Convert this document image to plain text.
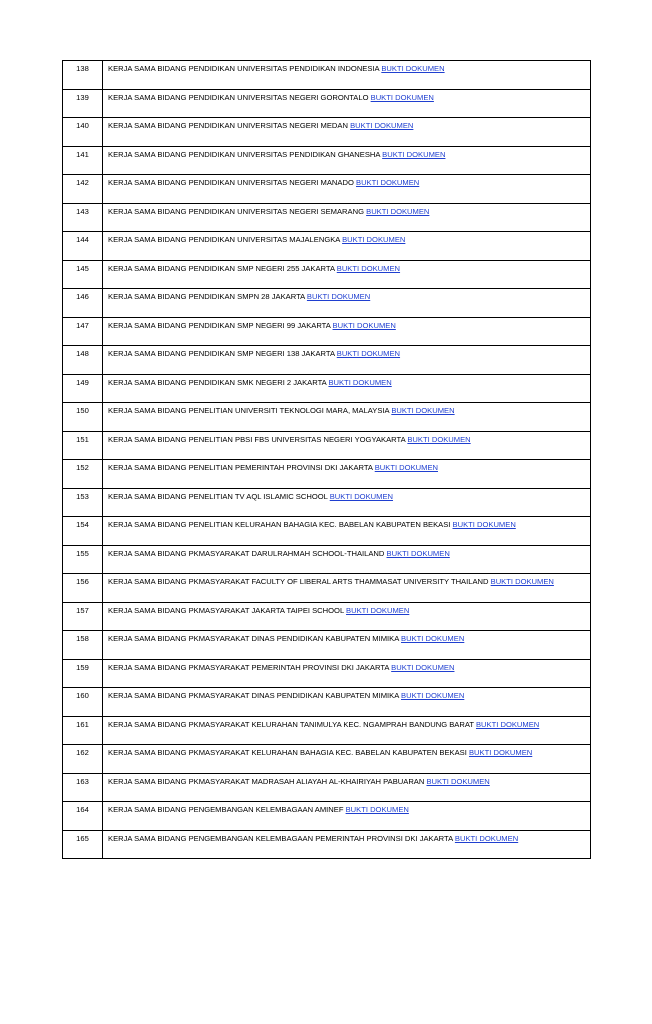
138	KERJA SAMA BIDANG PENDIDIKAN UNIVERSITAS PENDIDIKAN INDONESIA BUKTI DOKUMEN
139	KERJA SAMA BIDANG PENDIDIKAN UNIVERSITAS NEGERI GORONTALO BUKTI DOKUMEN
140	KERJA SAMA BIDANG PENDIDIKAN UNIVERSITAS NEGERI MEDAN BUKTI DOKUMEN
141	KERJA SAMA BIDANG PENDIDIKAN UNIVERSITAS PENDIDIKAN GHANESHA BUKTI DOKUMEN
142	KERJA SAMA BIDANG PENDIDIKAN UNIVERSITAS NEGERI MANADO BUKTI DOKUMEN
143	KERJA SAMA BIDANG PENDIDIKAN UNIVERSITAS NEGERI SEMARANG BUKTI DOKUMEN
144	KERJA SAMA BIDANG PENDIDIKAN UNIVERSITAS MAJALENGKA BUKTI DOKUMEN
145	KERJA SAMA BIDANG PENDIDIKAN SMP NEGERI 255 JAKARTA BUKTI DOKUMEN
146	KERJA SAMA BIDANG PENDIDIKAN SMPN 28 JAKARTA BUKTI DOKUMEN
147	KERJA SAMA BIDANG PENDIDIKAN SMP NEGERI 99 JAKARTA BUKTI DOKUMEN
148	KERJA SAMA BIDANG PENDIDIKAN SMP NEGERI 138 JAKARTA BUKTI DOKUMEN
149	KERJA SAMA BIDANG PENDIDIKAN SMK NEGERI 2 JAKARTA BUKTI DOKUMEN
150	KERJA SAMA BIDANG PENELITIAN UNIVERSITI TEKNOLOGI MARA, MALAYSIA BUKTI DOKUMEN
151	KERJA SAMA BIDANG PENELITIAN PBSI FBS UNIVERSITAS NEGERI YOGYAKARTA BUKTI DOKUMEN
152	KERJA SAMA BIDANG PENELITIAN PEMERINTAH PROVINSI DKI JAKARTA BUKTI DOKUMEN
153	KERJA SAMA BIDANG PENELITIAN TV AQL ISLAMIC SCHOOL BUKTI DOKUMEN
154	KERJA SAMA BIDANG PENELITIAN KELURAHAN BAHAGIA KEC. BABELAN KABUPATEN BEKASI BUKTI DOKUMEN
155	KERJA SAMA BIDANG PKMASYARAKAT DARULRAHMAH SCHOOL-THAILAND BUKTI DOKUMEN
156	KERJA SAMA BIDANG PKMASYARAKAT FACULTY OF LIBERAL ARTS THAMMASAT UNIVERSITY THAILAND BUKTI DOKUMEN
157	KERJA SAMA BIDANG PKMASYARAKAT JAKARTA TAIPEI SCHOOL BUKTI DOKUMEN
158	KERJA SAMA BIDANG PKMASYARAKAT DINAS PENDIDIKAN KABUPATEN MIMIKA BUKTI DOKUMEN
159	KERJA SAMA BIDANG PKMASYARAKAT PEMERINTAH PROVINSI DKI JAKARTA BUKTI DOKUMEN
160	KERJA SAMA BIDANG PKMASYARAKAT DINAS PENDIDIKAN KABUPATEN MIMIKA BUKTI DOKUMEN
161	KERJA SAMA BIDANG PKMASYARAKAT KELURAHAN TANIMULYA KEC. NGAMPRAH BANDUNG BARAT BUKTI DOKUMEN
162	KERJA SAMA BIDANG PKMASYARAKAT KELURAHAN BAHAGIA KEC. BABELAN KABUPATEN BEKASI BUKTI DOKUMEN
163	KERJA SAMA BIDANG PKMASYARAKAT MADRASAH ALIAYAH AL-KHAIRIYAH PABUARAN BUKTI DOKUMEN
164	KERJA SAMA BIDANG PENGEMBANGAN KELEMBAGAAN AMINEF BUKTI DOKUMEN
165	KERJA SAMA BIDANG PENGEMBANGAN KELEMBAGAAN PEMERINTAH PROVINSI DKI JAKARTA BUKTI DOKUMEN
